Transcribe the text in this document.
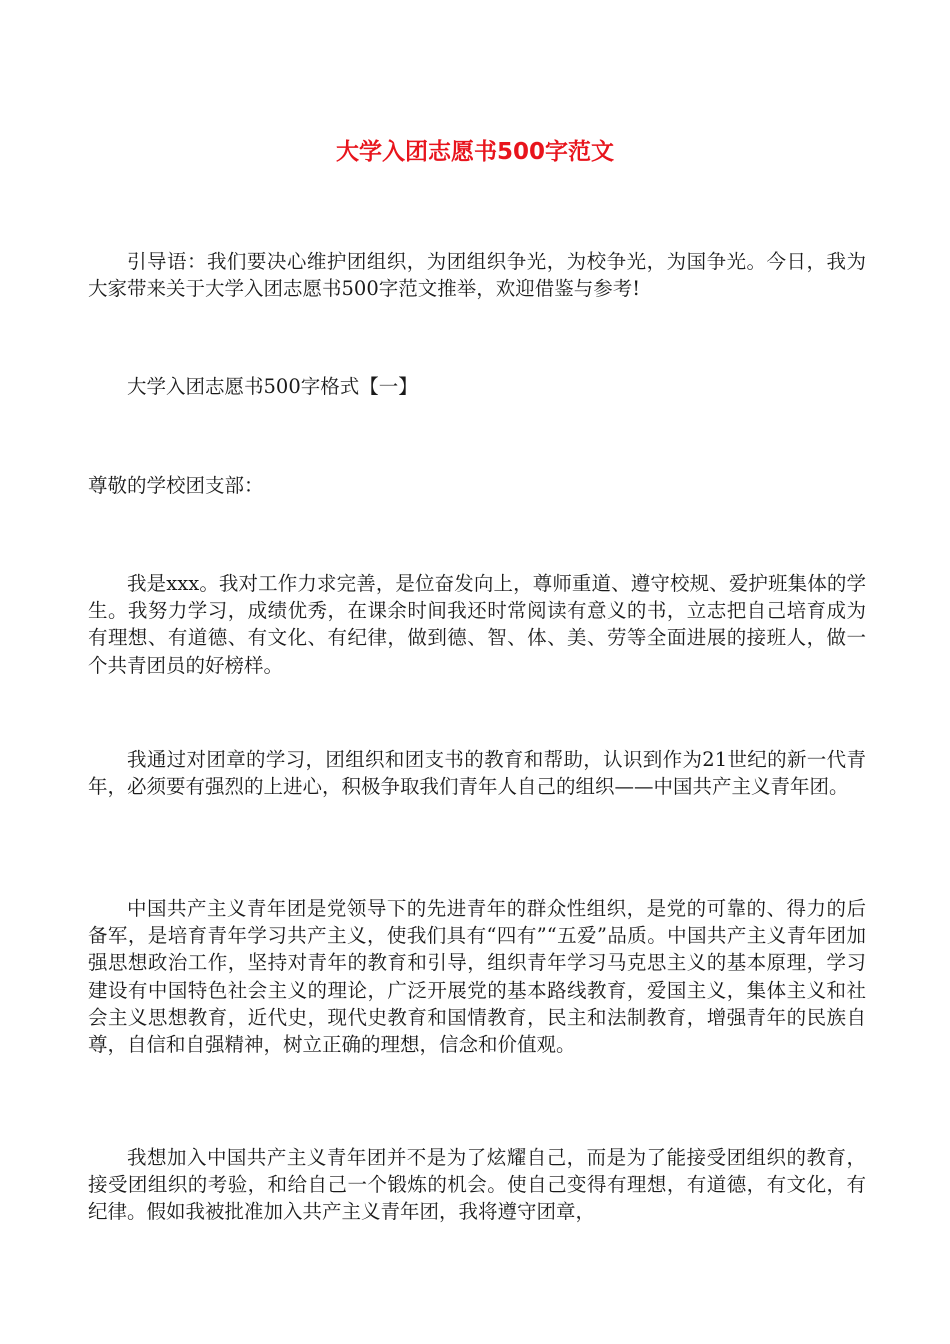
大学入团志愿书500字范文

引导语：我们要决心维护团组织，为团组织争光，为校争光，为国争光。今日，我为大家带来关于大学入团志愿书500字范文推举，欢迎借鉴与参考!

大学入团志愿书500字格式【一】

尊敬的学校团支部：

我是xxx。我对工作力求完善，是位奋发向上，尊师重道、遵守校规、爱护班集体的学生。我努力学习，成绩优秀，在课余时间我还时常阅读有意义的书，立志把自己培育成为有理想、有道德、有文化、有纪律，做到德、智、体、美、劳等全面进展的接班人，做一个共青团员的好榜样。

我通过对团章的学习，团组织和团支书的教育和帮助，认识到作为21世纪的新一代青年，必须要有强烈的上进心，积极争取我们青年人自己的组织——中国共产主义青年团。

中国共产主义青年团是党领导下的先进青年的群众性组织，是党的可靠的、得力的后备军，是培育青年学习共产主义，使我们具有“四有”“五爱”品质。中国共产主义青年团加强思想政治工作，坚持对青年的教育和引导，组织青年学习马克思主义的基本原理，学习建设有中国特色社会主义的理论，广泛开展党的基本路线教育，爱国主义，集体主义和社会主义思想教育，近代史，现代史教育和国情教育，民主和法制教育，增强青年的民族自尊，自信和自强精神，树立正确的理想，信念和价值观。

我想加入中国共产主义青年团并不是为了炫耀自己，而是为了能接受团组织的教育，接受团组织的考验，和给自己一个锻炼的机会。使自己变得有理想，有道德，有文化，有纪律。假如我被批准加入共产主义青年团，我将遵守团章，
